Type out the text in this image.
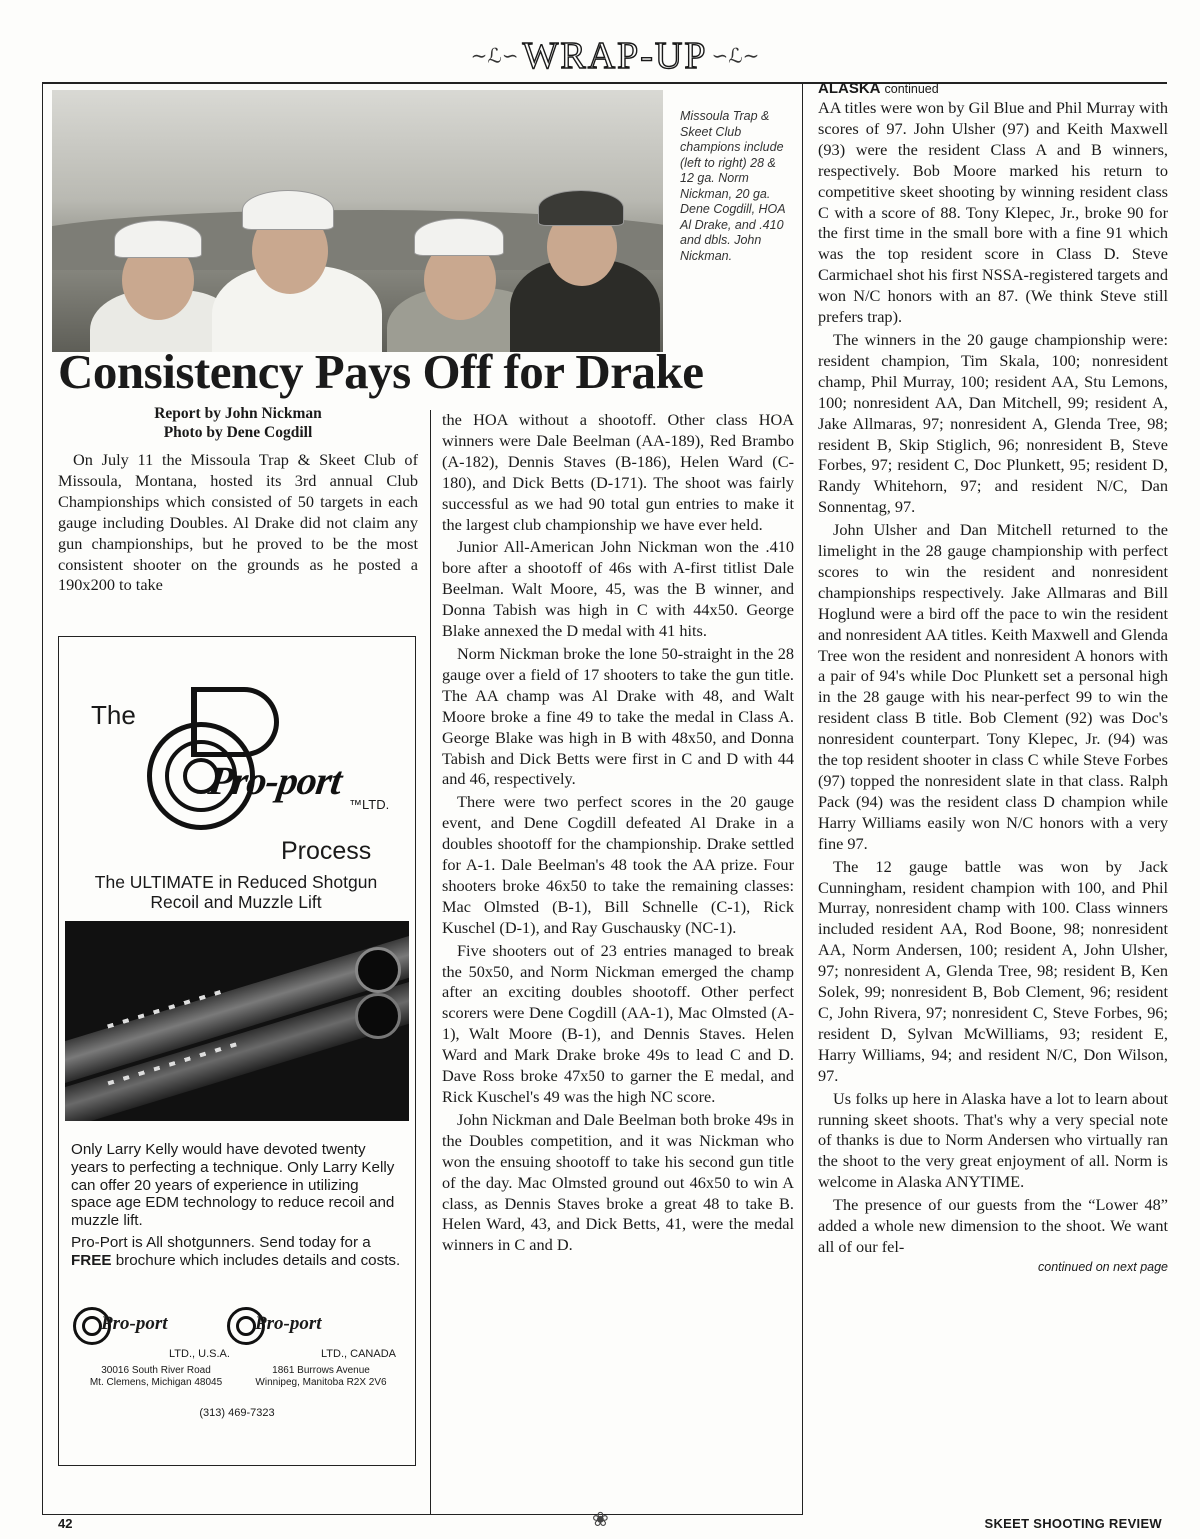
∼ℒ∽ WRAP-UP ∽ℒ∼
Missoula Trap & Skeet Club champions include (left to right) 28 & 12 ga. Norm Nickman, 20 ga. Dene Cogdill, HOA Al Drake, and .410 and dbls. John Nickman.
Consistency Pays Off for Drake
Report by John Nickman
Photo by Dene Cogdill

On July 11 the Missoula Trap & Skeet Club of Missoula, Montana, hosted its 3rd annual Club Championships which consisted of 50 targets in each gauge including Doubles. Al Drake did not claim any gun championships, but he proved to be the most consistent shooter on the grounds as he posted a 190x200 to take

The
Pro-port
™LTD.
Process
The ULTIMATE in Reduced Shotgun Recoil and Muzzle Lift
Only Larry Kelly would have devoted twenty years to perfecting a technique. Only Larry Kelly can offer 20 years of experience in utilizing space age EDM technology to reduce recoil and muzzle lift.
Pro-Port is All shotgunners. Send today for a FREE brochure which includes details and costs.
Pro-port	Pro-port
LTD., U.S.A.	LTD., CANADA
30016 South River Road
Mt. Clemens, Michigan 48045
1861 Burrows Avenue
Winnipeg, Manitoba R2X 2V6
(313) 469-7323

the HOA without a shootoff. Other class HOA winners were Dale Beelman (AA-189), Red Brambo (A-182), Dennis Staves (B-186), Helen Ward (C-180), and Dick Betts (D-171). The shoot was fairly successful as we had 90 total gun entries to make it the largest club championship we have ever held.

Junior All-American John Nickman won the .410 bore after a shootoff of 46s with A-first titlist Dale Beelman. Walt Moore, 45, was the B winner, and Donna Tabish was high in C with 44x50. George Blake annexed the D medal with 41 hits.

Norm Nickman broke the lone 50-straight in the 28 gauge over a field of 17 shooters to take the gun title. The AA champ was Al Drake with 48, and Walt Moore broke a fine 49 to take the medal in Class A. George Blake was high in B with 48x50, and Donna Tabish and Dick Betts were first in C and D with 44 and 46, respectively.

There were two perfect scores in the 20 gauge event, and Dene Cogdill defeated Al Drake in a doubles shootoff for the championship. Drake settled for A-1. Dale Beelman's 48 took the AA prize. Four shooters broke 46x50 to take the remaining classes: Mac Olmsted (B-1), Bill Schnelle (C-1), Rick Kuschel (D-1), and Ray Guschausky (NC-1).

Five shooters out of 23 entries managed to break the 50x50, and Norm Nickman emerged the champ after an exciting doubles shootoff. Other perfect scorers were Dene Cogdill (AA-1), Mac Olmsted (A-1), Walt Moore (B-1), and Dennis Staves. Helen Ward and Mark Drake broke 49s to lead C and D. Dave Ross broke 47x50 to garner the E medal, and Rick Kuschel's 49 was the high NC score.

John Nickman and Dale Beelman both broke 49s in the Doubles competition, and it was Nickman who won the ensuing shootoff to take his second gun title of the day. Mac Olmsted ground out 46x50 to win A class, as Dennis Staves broke a great 48 to take B. Helen Ward, 43, and Dick Betts, 41, were the medal winners in C and D.

ALASKA continued

AA titles were won by Gil Blue and Phil Murray with scores of 97. John Ulsher (97) and Keith Maxwell (93) were the resident Class A and B winners, respectively. Bob Moore marked his return to competitive skeet shooting by winning resident class C with a score of 88. Tony Klepec, Jr., broke 90 for the first time in the small bore with a fine 91 which was the top resident score in Class D. Steve Carmichael shot his first NSSA-registered targets and won N/C honors with an 87. (We think Steve still prefers trap).

The winners in the 20 gauge championship were: resident champion, Tim Skala, 100; nonresident champ, Phil Murray, 100; resident AA, Stu Lemons, 100; nonresident AA, Dan Mitchell, 99; resident A, Jake Allmaras, 97; nonresident A, Glenda Tree, 98; resident B, Skip Stiglich, 96; nonresident B, Steve Forbes, 97; resident C, Doc Plunkett, 95; resident D, Randy Whitehorn, 97; and resident N/C, Dan Sonnentag, 97.

John Ulsher and Dan Mitchell returned to the limelight in the 28 gauge championship with perfect scores to win the resident and nonresident championships respectively. Jake Allmaras and Bill Hoglund were a bird off the pace to win the resident and nonresident AA titles. Keith Maxwell and Glenda Tree won the resident and nonresident A honors with a pair of 94's while Doc Plunkett set a personal high in the 28 gauge with his near-perfect 99 to win the resident class B title. Bob Clement (92) was Doc's nonresident counterpart. Tony Klepec, Jr. (94) was the top resident shooter in class C while Steve Forbes (97) topped the nonresident slate in that class. Ralph Pack (94) was the resident class D champion while Harry Williams easily won N/C honors with a very fine 97.

The 12 gauge battle was won by Jack Cunningham, resident champion with 100, and Phil Murray, nonresident champ with 100. Class winners included resident AA, Rod Boone, 98; nonresident AA, Norm Andersen, 100; resident A, John Ulsher, 97; nonresident A, Glenda Tree, 98; resident B, Ken Solek, 99; nonresident B, Bob Clement, 96; resident C, John Rivera, 97; nonresident C, Steve Forbes, 96; resident D, Sylvan McWilliams, 93; resident E, Harry Williams, 94; and resident N/C, Don Wilson, 97.

Us folks up here in Alaska have a lot to learn about running skeet shoots. That's why a very special note of thanks is due to Norm Andersen who virtually ran the shoot to the very great enjoyment of all. Norm is welcome in Alaska ANYTIME.

The presence of our guests from the “Lower 48” added a whole new dimension to the shoot. We want all of our fel-

continued on next page
42	❀	SKEET SHOOTING REVIEW
